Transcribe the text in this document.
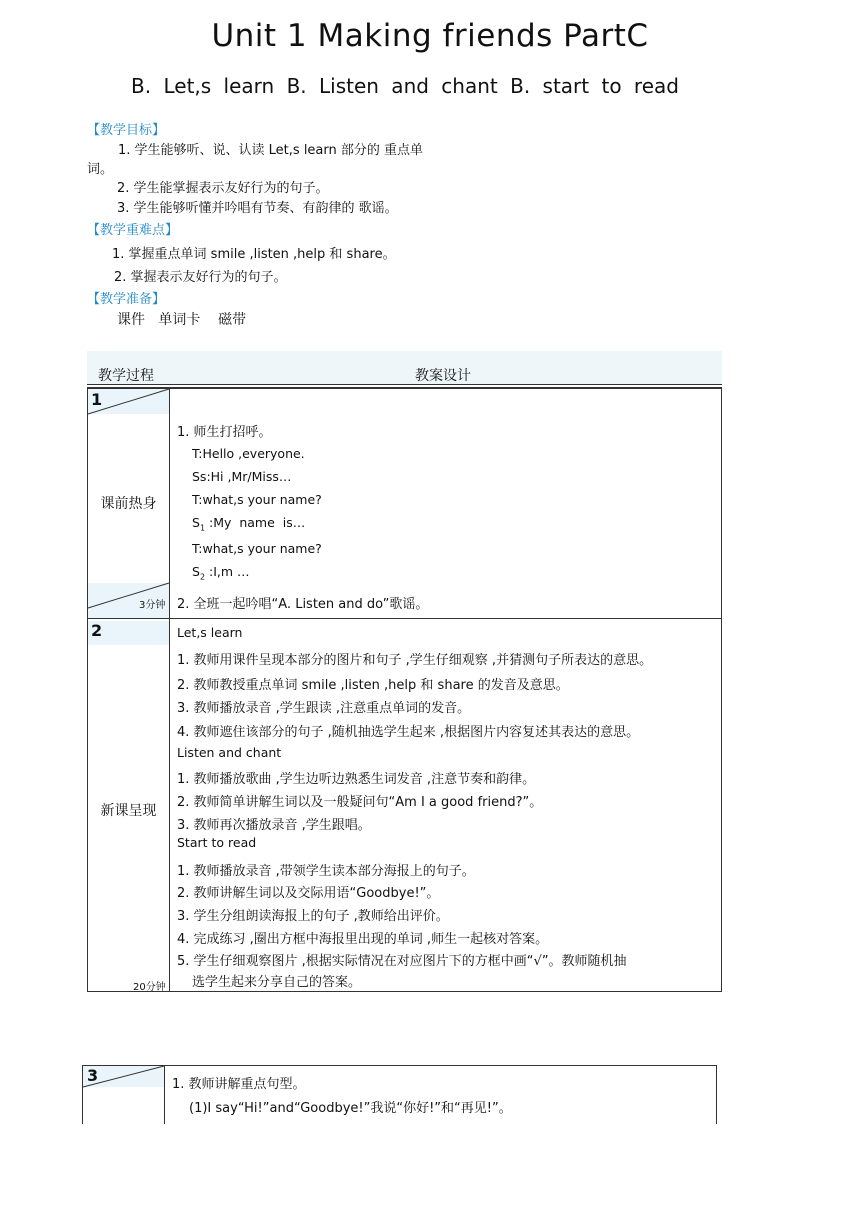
Unit 1 Making friends PartC
B. Let,s learn B. Listen and chant B. start to read
【教学目标】
1. 学生能够听、说、认读 Let,s learn 部分的 重点单
词。
2. 学生能掌握表示友好行为的句子。
3. 学生能够听懂并吟唱有节奏、有韵律的 歌谣。
【教学重难点】
1. 掌握重点单词 smile ,listen ,help 和 share。
2. 掌握表示友好行为的句子。
【教学准备】
课件   单词卡    磁带
教学过程	教案设计
1
课前热身
3分钟
1. 师生打招呼。
T:Hello ,everyone.
Ss:Hi ,Mr/Miss…
T:what,s your name?
$S_1$ :My  name  is…
T:what,s your name?
$S_2$ :I,m …
2. 全班一起吟唱“A. Listen and do”歌谣。
2
新课呈现
20分钟
Let,s learn
1. 教师用课件呈现本部分的图片和句子 ,学生仔细观察 ,并猜测句子所表达的意思。
2. 教师教授重点单词 smile ,listen ,help 和 share 的发音及意思。
3. 教师播放录音 ,学生跟读 ,注意重点单词的发音。
4. 教师遮住该部分的句子 ,随机抽选学生起来 ,根据图片内容复述其表达的意思。
Listen and chant
1. 教师播放歌曲 ,学生边听边熟悉生词发音 ,注意节奏和韵律。
2. 教师简单讲解生词以及一般疑问句“Am I a good friend?”。
3. 教师再次播放录音 ,学生跟唱。
Start to read
1. 教师播放录音 ,带领学生读本部分海报上的句子。
2. 教师讲解生词以及交际用语“Goodbye!”。
3. 学生分组朗读海报上的句子 ,教师给出评价。
4. 完成练习 ,圈出方框中海报里出现的单词 ,师生一起核对答案。
5. 学生仔细观察图片 ,根据实际情况在对应图片下的方框中画“√”。教师随机抽
选学生起来分享自己的答案。
3	1. 教师讲解重点句型。
(1)I say“Hi!”and“Goodbye!”我说“你好!”和“再见!”。
